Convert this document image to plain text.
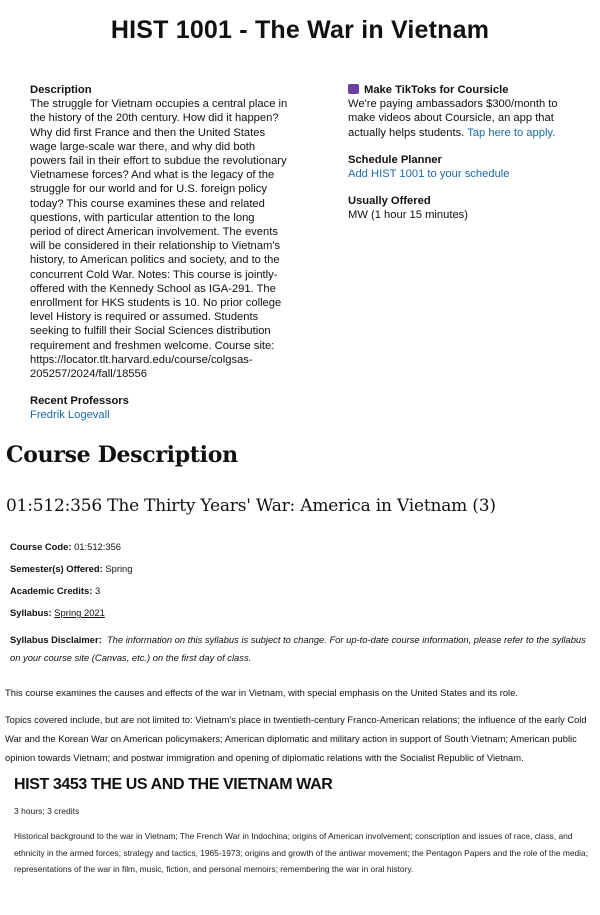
HIST 1001 - The War in Vietnam
Description
The struggle for Vietnam occupies a central place in the history of the 20th century. How did it happen? Why did first France and then the United States wage large-scale war there, and why did both powers fail in their effort to subdue the revolutionary Vietnamese forces? And what is the legacy of the struggle for our world and for U.S. foreign policy today? This course examines these and related questions, with particular attention to the long period of direct American involvement. The events will be considered in their relationship to Vietnam's history, to American politics and society, and to the concurrent Cold War. Notes: This course is jointly-offered with the Kennedy School as IGA-291. The enrollment for HKS students is 10. No prior college level History is required or assumed. Students seeking to fulfill their Social Sciences distribution requirement and freshmen welcome. Course site: https://locator.tlt.harvard.edu/course/colgsas-205257/2024/fall/18556
Recent Professors
Fredrik Logevall
Make TikToks for Coursicle
We're paying ambassadors $300/month to make videos about Coursicle, an app that actually helps students. Tap here to apply.
Schedule Planner
Add HIST 1001 to your schedule
Usually Offered
MW (1 hour 15 minutes)
Course Description
01:512:356 The Thirty Years' War: America in Vietnam (3)
Course Code: 01:512:356
Semester(s) Offered: Spring
Academic Credits: 3
Syllabus: Spring 2021
Syllabus Disclaimer: The information on this syllabus is subject to change. For up-to-date course information, please refer to the syllabus on your course site (Canvas, etc.) on the first day of class.
This course examines the causes and effects of the war in Vietnam, with special emphasis on the United States and its role.
Topics covered include, but are not limited to: Vietnam's place in twentieth-century Franco-American relations; the influence of the early Cold War and the Korean War on American policymakers; American diplomatic and military action in support of South Vietnam; American public opinion towards Vietnam; and postwar immigration and opening of diplomatic relations with the Socialist Republic of Vietnam.
HIST 3453 THE US AND THE VIETNAM WAR
3 hours; 3 credits
Historical background to the war in Vietnam; The French War in Indochina; origins of American involvement; conscription and issues of race, class, and ethnicity in the armed forces; strategy and tactics, 1965-1973; origins and growth of the antiwar movement; the Pentagon Papers and the role of the media; representations of the war in film, music, fiction, and personal memoirs; remembering the war in oral history.
